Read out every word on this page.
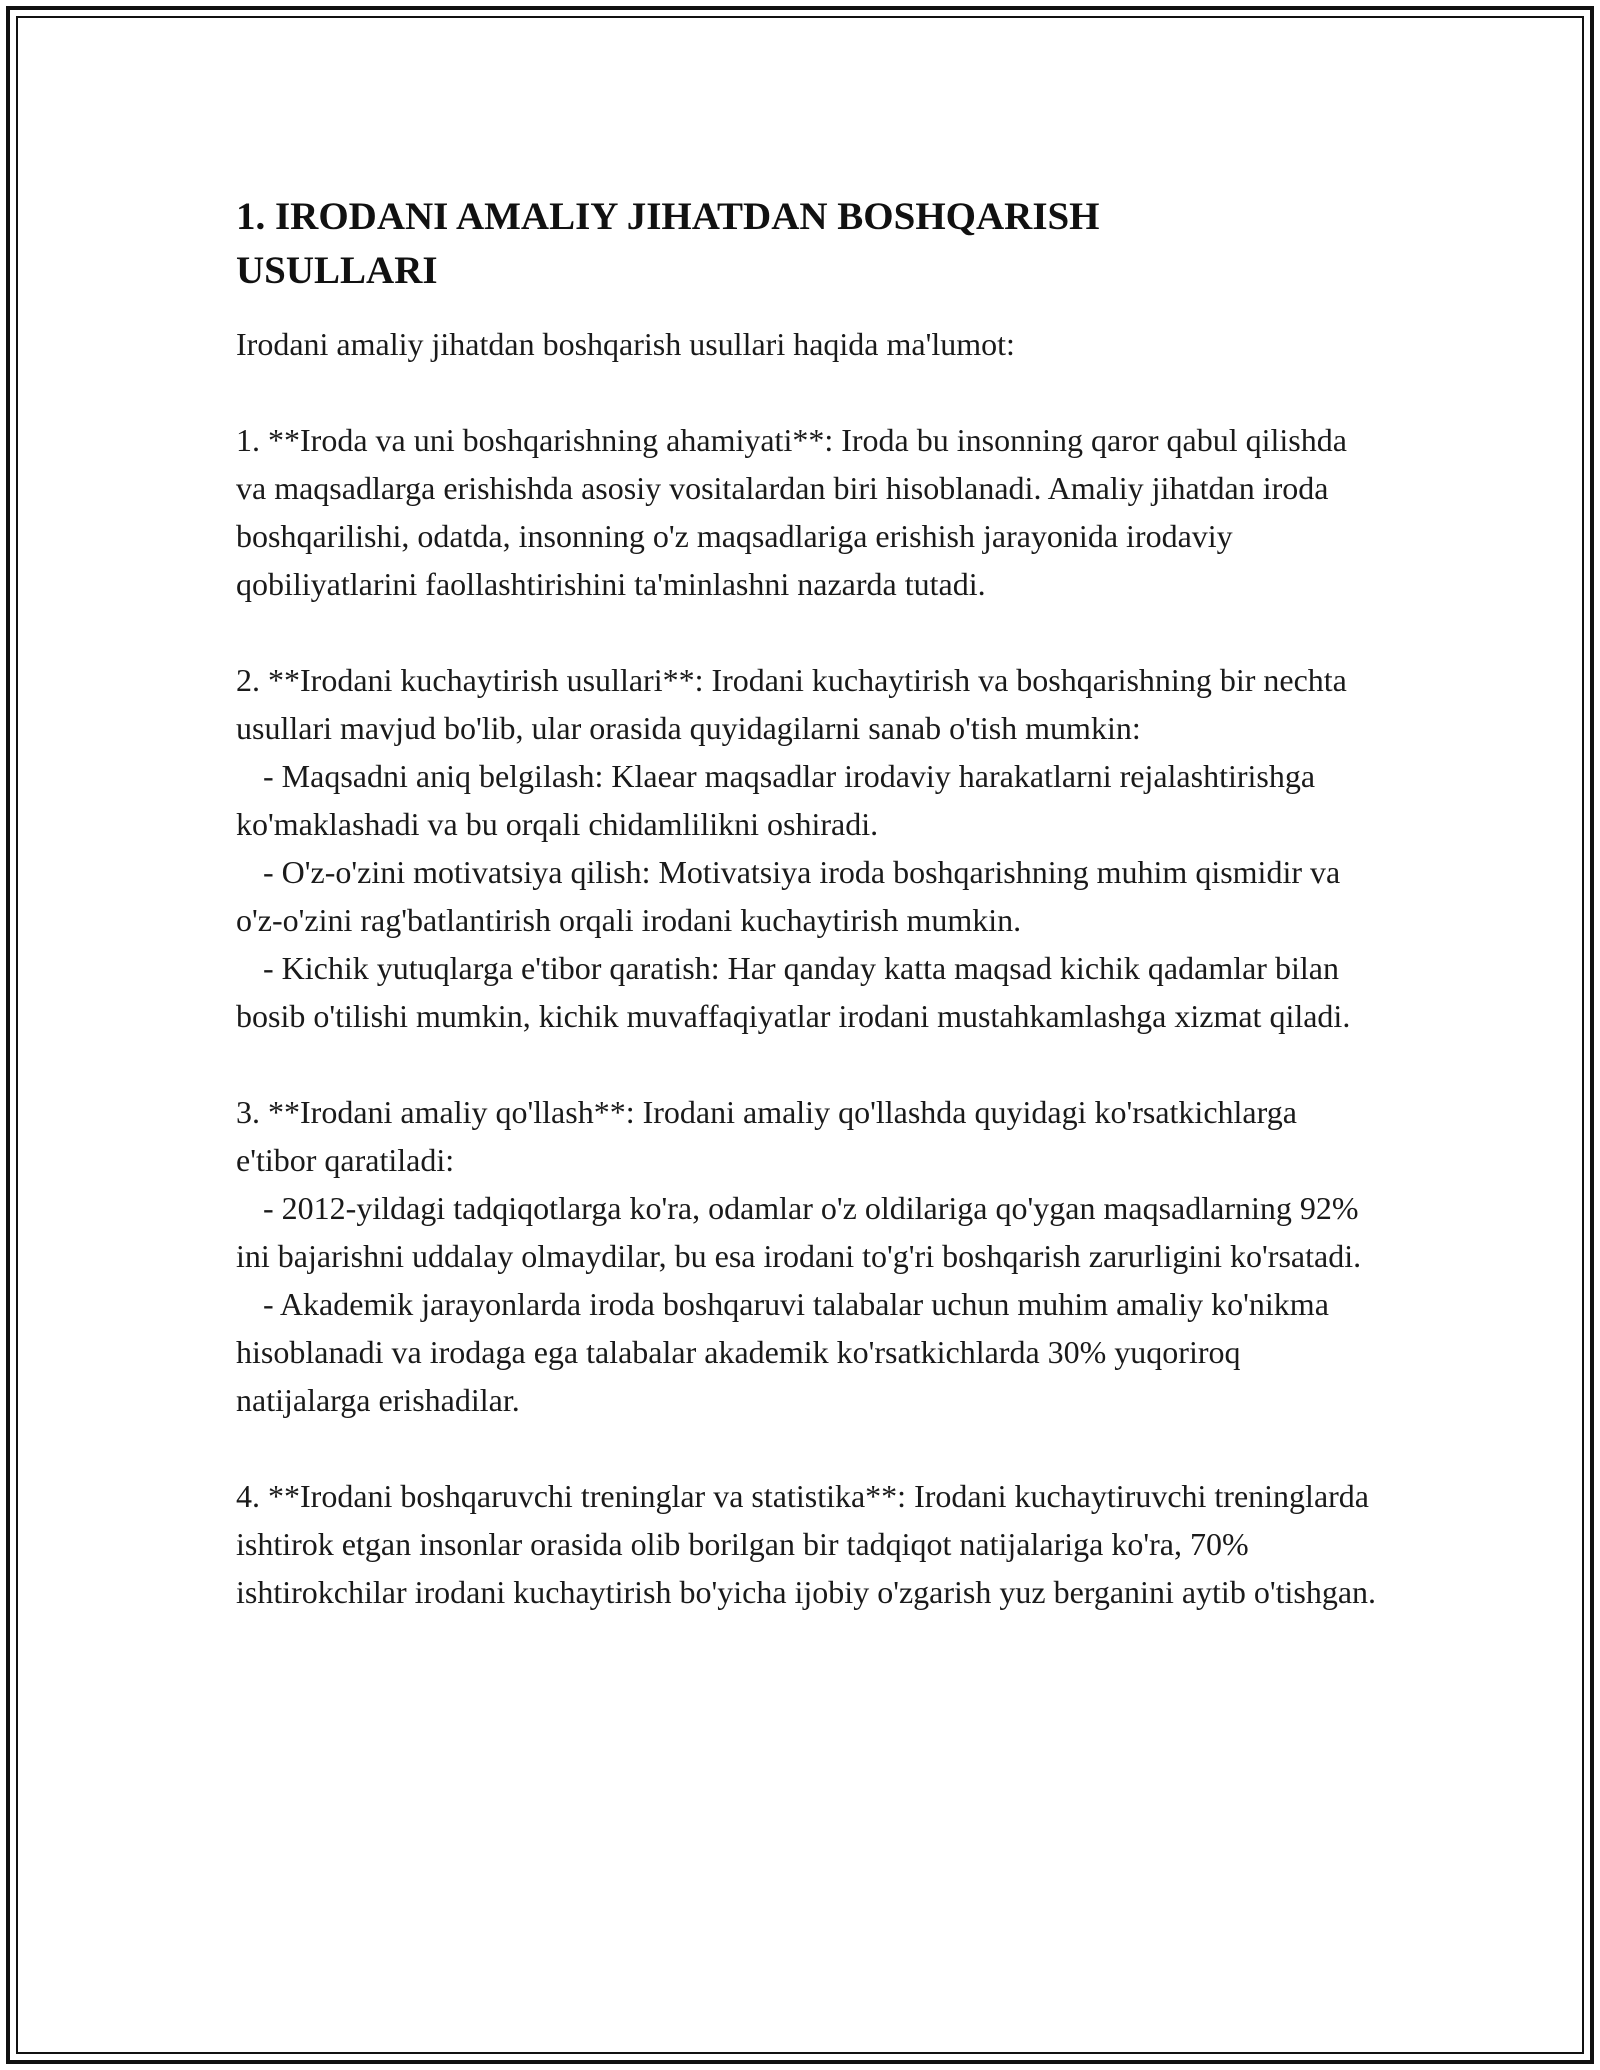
1. IRODANI AMALIY JIHATDAN BOSHQARISH USULLARI

Irodani amaliy jihatdan boshqarish usullari haqida ma'lumot:

1. **Iroda va uni boshqarishning ahamiyati**: Iroda bu insonning qaror qabul qilishda va maqsadlarga erishishda asosiy vositalardan biri hisoblanadi. Amaliy jihatdan iroda boshqarilishi, odatda, insonning o'z maqsadlariga erishish jarayonida irodaviy qobiliyatlarini faollashtirishini ta'minlashni nazarda tutadi.

2. **Irodani kuchaytirish usullari**: Irodani kuchaytirish va boshqarishning bir nechta usullari mavjud bo'lib, ular orasida quyidagilarni sanab o'tish mumkin:

- Maqsadni aniq belgilash: Klaear maqsadlar irodaviy harakatlarni rejalashtirishga ko'maklashadi va bu orqali chidamlilikni oshiradi.

- O'z-o'zini motivatsiya qilish: Motivatsiya iroda boshqarishning muhim qismidir va o'z-o'zini rag'batlantirish orqali irodani kuchaytirish mumkin.

- Kichik yutuqlarga e'tibor qaratish: Har qanday katta maqsad kichik qadamlar bilan bosib o'tilishi mumkin, kichik muvaffaqiyatlar irodani mustahkamlashga xizmat qiladi.

3. **Irodani amaliy qo'llash**: Irodani amaliy qo'llashda quyidagi ko'rsatkichlarga e'tibor qaratiladi:

- 2012-yildagi tadqiqotlarga ko'ra, odamlar o'z oldilariga qo'ygan maqsadlarning 92% ini bajarishni uddalay olmaydilar, bu esa irodani to'g'ri boshqarish zarurligini ko'rsatadi.

- Akademik jarayonlarda iroda boshqaruvi talabalar uchun muhim amaliy ko'nikma hisoblanadi va irodaga ega talabalar akademik ko'rsatkichlarda 30% yuqoriroq natijalarga erishadilar.

4. **Irodani boshqaruvchi treninglar va statistika**: Irodani kuchaytiruvchi treninglarda ishtirok etgan insonlar orasida olib borilgan bir tadqiqot natijalariga ko'ra, 70% ishtirokchilar irodani kuchaytirish bo'yicha ijobiy o'zgarish yuz berganini aytib o'tishgan.
